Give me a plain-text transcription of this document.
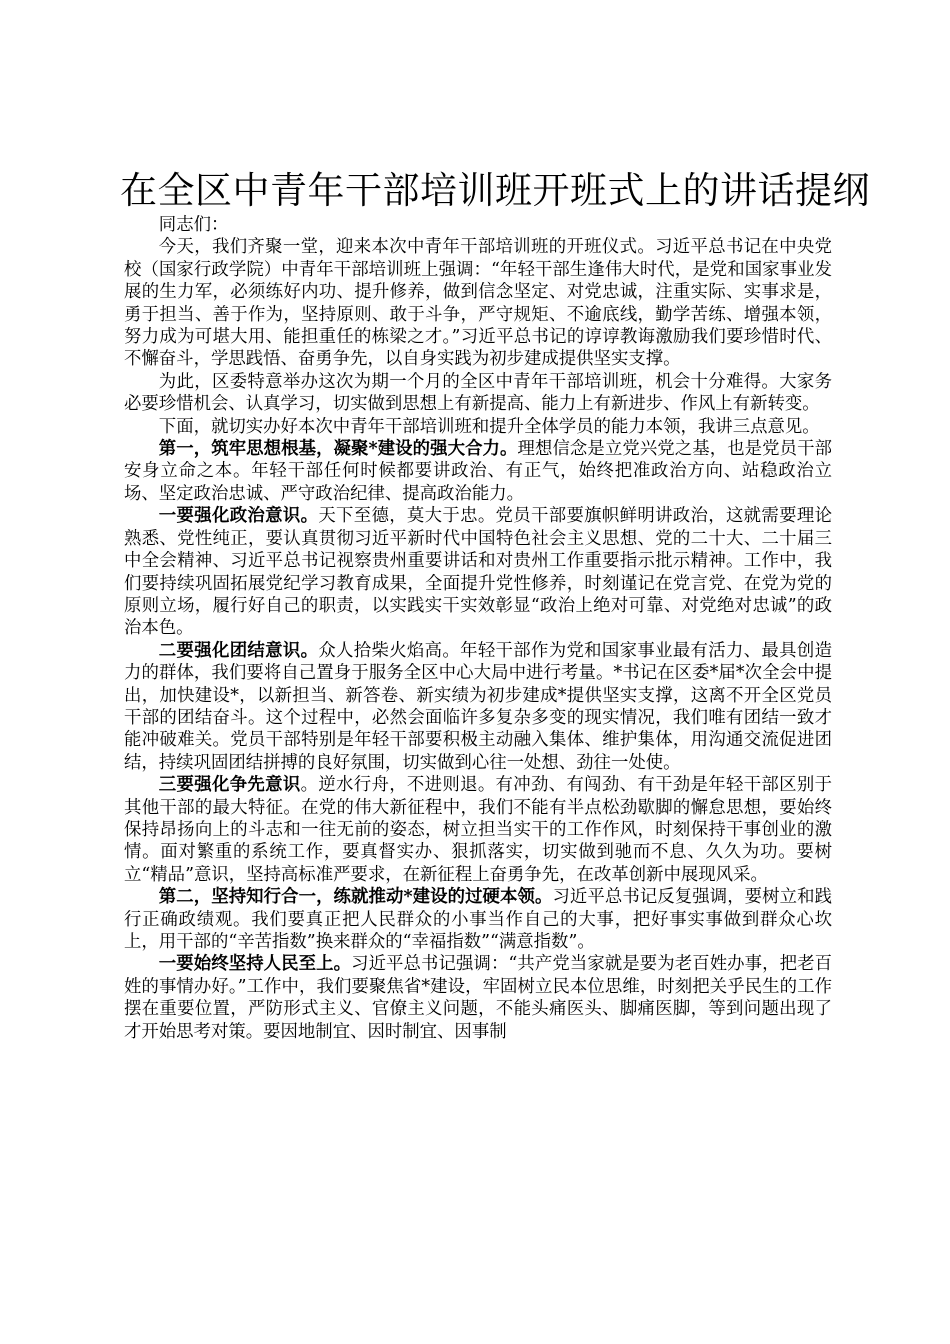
在全区中青年干部培训班开班式上的讲话提纲

同志们：

今天，我们齐聚一堂，迎来本次中青年干部培训班的开班仪式。习近平总书记在中央党校（国家行政学院）中青年干部培训班上强调：“年轻干部生逢伟大时代，是党和国家事业发展的生力军，必须练好内功、提升修养，做到信念坚定、对党忠诚，注重实际、实事求是，勇于担当、善于作为，坚持原则、敢于斗争，严守规矩、不逾底线，勤学苦练、增强本领，努力成为可堪大用、能担重任的栋梁之才。”习近平总书记的谆谆教诲激励我们要珍惜时代、不懈奋斗，学思践悟、奋勇争先，以自身实践为初步建成提供坚实支撑。

为此，区委特意举办这次为期一个月的全区中青年干部培训班，机会十分难得。大家务必要珍惜机会、认真学习，切实做到思想上有新提高、能力上有新进步、作风上有新转变。

下面，就切实办好本次中青年干部培训班和提升全体学员的能力本领，我讲三点意见。

第一，筑牢思想根基，凝聚*建设的强大合力。理想信念是立党兴党之基，也是党员干部安身立命之本。年轻干部任何时候都要讲政治、有正气，始终把准政治方向、站稳政治立场、坚定政治忠诚、严守政治纪律、提高政治能力。

一要强化政治意识。天下至德，莫大于忠。党员干部要旗帜鲜明讲政治，这就需要理论熟悉、党性纯正，要认真贯彻习近平新时代中国特色社会主义思想、党的二十大、二十届三中全会精神、习近平总书记视察贵州重要讲话和对贵州工作重要指示批示精神。工作中，我们要持续巩固拓展党纪学习教育成果，全面提升党性修养，时刻谨记在党言党、在党为党的原则立场，履行好自己的职责，以实践实干实效彰显“政治上绝对可靠、对党绝对忠诚”的政治本色。

二要强化团结意识。众人拾柴火焰高。年轻干部作为党和国家事业最有活力、最具创造力的群体，我们要将自己置身于服务全区中心大局中进行考量。*书记在区委*届*次全会中提出，加快建设*，以新担当、新答卷、新实绩为初步建成*提供坚实支撑，这离不开全区党员干部的团结奋斗。这个过程中，必然会面临许多复杂多变的现实情况，我们唯有团结一致才能冲破难关。党员干部特别是年轻干部要积极主动融入集体、维护集体，用沟通交流促进团结，持续巩固团结拼搏的良好氛围，切实做到心往一处想、劲往一处使。

三要强化争先意识。逆水行舟，不进则退。有冲劲、有闯劲、有干劲是年轻干部区别于其他干部的最大特征。在党的伟大新征程中，我们不能有半点松劲歇脚的懈怠思想，要始终保持昂扬向上的斗志和一往无前的姿态，树立担当实干的工作作风，时刻保持干事创业的激情。面对繁重的系统工作，要真督实办、狠抓落实，切实做到驰而不息、久久为功。要树立“精品”意识，坚持高标准严要求，在新征程上奋勇争先，在改革创新中展现风采。

第二，坚持知行合一，练就推动*建设的过硬本领。习近平总书记反复强调，要树立和践行正确政绩观。我们要真正把人民群众的小事当作自己的大事，把好事实事做到群众心坎上，用干部的“辛苦指数”换来群众的“幸福指数”“满意指数”。

一要始终坚持人民至上。习近平总书记强调：“共产党当家就是要为老百姓办事，把老百姓的事情办好。”工作中，我们要聚焦省*建设，牢固树立民本位思维，时刻把关乎民生的工作摆在重要位置，严防形式主义、官僚主义问题，不能头痛医头、脚痛医脚，等到问题出现了才开始思考对策。要因地制宜、因时制宜、因事制
